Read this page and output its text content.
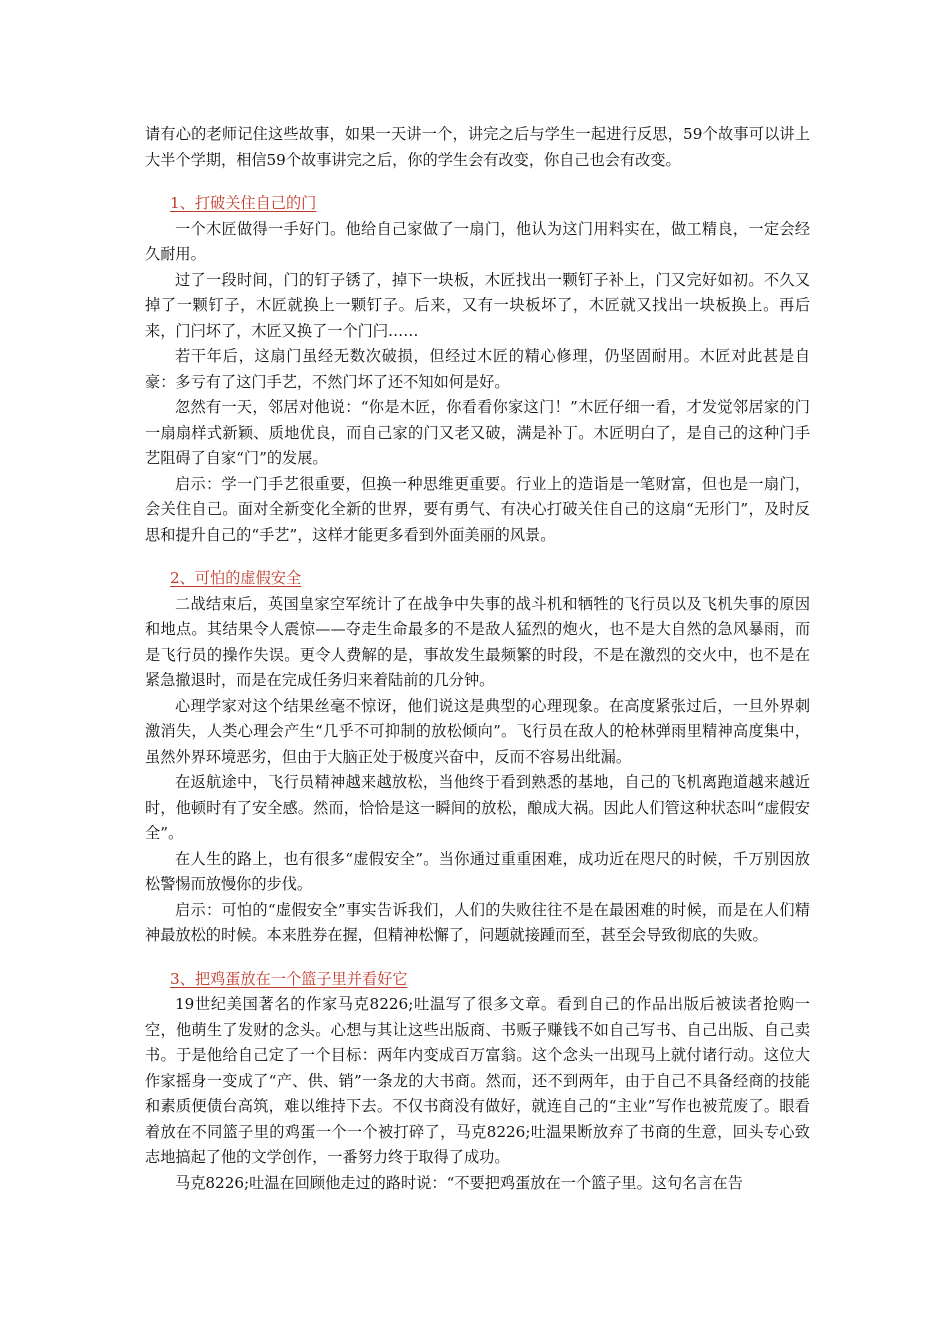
请有心的老师记住这些故事，如果一天讲一个，讲完之后与学生一起进行反思，59个故事可以讲上大半个学期，相信59个故事讲完之后，你的学生会有改变，你自己也会有改变。

1、打破关住自己的门

一个木匠做得一手好门。他给自己家做了一扇门，他认为这门用料实在，做工精良，一定会经久耐用。

过了一段时间，门的钉子锈了，掉下一块板，木匠找出一颗钉子补上，门又完好如初。不久又掉了一颗钉子，木匠就换上一颗钉子。后来，又有一块板坏了，木匠就又找出一块板换上。再后来，门闩坏了，木匠又换了一个门闩……

若干年后，这扇门虽经无数次破损，但经过木匠的精心修理，仍坚固耐用。木匠对此甚是自豪：多亏有了这门手艺，不然门坏了还不知如何是好。

忽然有一天，邻居对他说：“你是木匠，你看看你家这门！”木匠仔细一看，才发觉邻居家的门一扇扇样式新颖、质地优良，而自己家的门又老又破，满是补丁。木匠明白了，是自己的这种门手艺阻碍了自家“门”的发展。

启示：学一门手艺很重要，但换一种思维更重要。行业上的造诣是一笔财富，但也是一扇门，会关住自己。面对全新变化全新的世界，要有勇气、有决心打破关住自己的这扇“无形门”，及时反思和提升自己的“手艺”，这样才能更多看到外面美丽的风景。

2、可怕的虚假安全

二战结束后，英国皇家空军统计了在战争中失事的战斗机和牺牲的飞行员以及飞机失事的原因和地点。其结果令人震惊——夺走生命最多的不是敌人猛烈的炮火，也不是大自然的急风暴雨，而是飞行员的操作失误。更令人费解的是，事故发生最频繁的时段，不是在激烈的交火中，也不是在紧急撤退时，而是在完成任务归来着陆前的几分钟。

心理学家对这个结果丝毫不惊讶，他们说这是典型的心理现象。在高度紧张过后，一旦外界刺激消失，人类心理会产生“几乎不可抑制的放松倾向”。飞行员在敌人的枪林弹雨里精神高度集中，虽然外界环境恶劣，但由于大脑正处于极度兴奋中，反而不容易出纰漏。

在返航途中，飞行员精神越来越放松，当他终于看到熟悉的基地，自己的飞机离跑道越来越近时，他顿时有了安全感。然而，恰恰是这一瞬间的放松，酿成大祸。因此人们管这种状态叫“虚假安全”。

在人生的路上，也有很多“虚假安全”。当你通过重重困难，成功近在咫尺的时候，千万别因放松警惕而放慢你的步伐。

启示：可怕的“虚假安全”事实告诉我们，人们的失败往往不是在最困难的时候，而是在人们精神最放松的时候。本来胜券在握，但精神松懈了，问题就接踵而至，甚至会导致彻底的失败。

3、把鸡蛋放在一个篮子里并看好它

19世纪美国著名的作家马克8226;吐温写了很多文章。看到自己的作品出版后被读者抢购一空，他萌生了发财的念头。心想与其让这些出版商、书贩子赚钱不如自己写书、自己出版、自己卖书。于是他给自己定了一个目标：两年内变成百万富翁。这个念头一出现马上就付诸行动。这位大作家摇身一变成了“产、供、销”一条龙的大书商。然而，还不到两年，由于自己不具备经商的技能和素质便债台高筑，难以维持下去。不仅书商没有做好，就连自己的“主业”写作也被荒废了。眼看着放在不同篮子里的鸡蛋一个一个被打碎了，马克8226;吐温果断放弃了书商的生意，回头专心致志地搞起了他的文学创作，一番努力终于取得了成功。

马克8226;吐温在回顾他走过的路时说：“不要把鸡蛋放在一个篮子里。这句名言在告
